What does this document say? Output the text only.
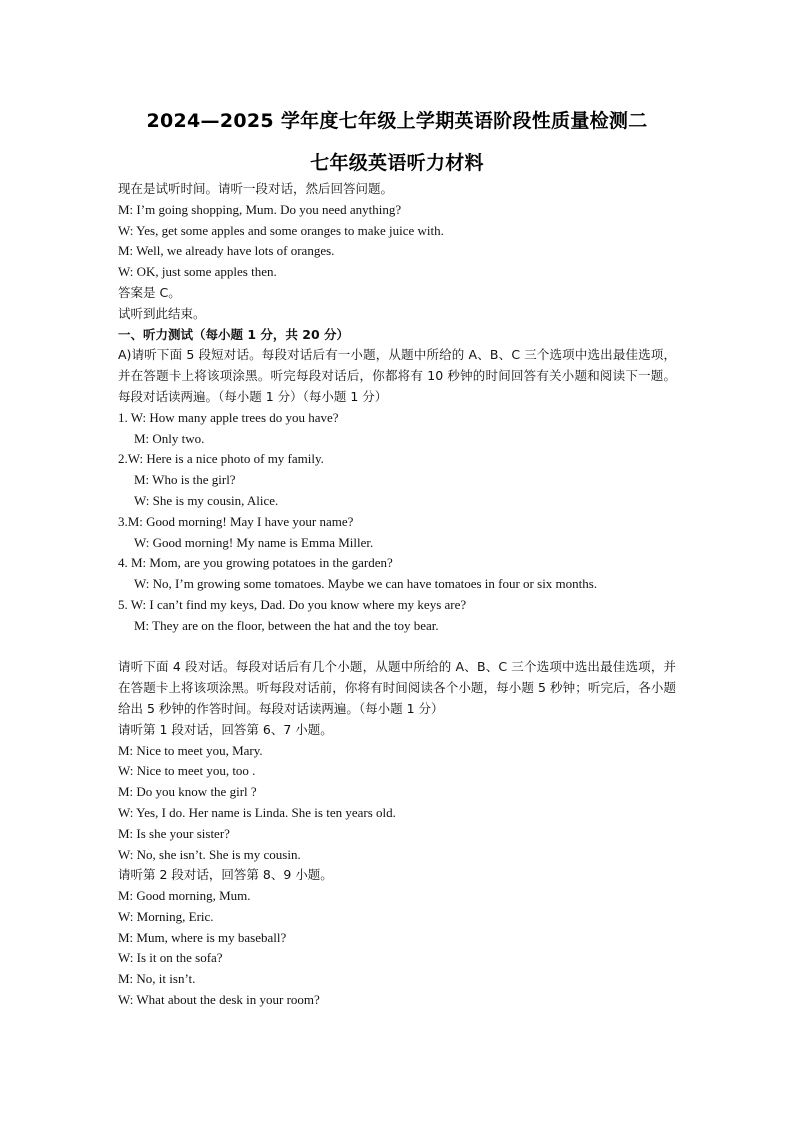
2024—2025 学年度七年级上学期英语阶段性质量检测二
七年级英语听力材料
现在是试听时间。请听一段对话，然后回答问题。
M: I’m going shopping, Mum. Do you need anything?
W: Yes, get some apples and some oranges to make juice with.
M: Well, we already have lots of oranges.
W: OK, just some apples then.
答案是 C。
试听到此结束。
一、听力测试（每小题 1 分，共 20 分）
A)请听下面 5 段短对话。每段对话后有一小题，从题中所给的 A、B、C 三个选项中选出最佳选项，并在答题卡上将该项涂黑。听完每段对话后，你都将有 10 秒钟的时间回答有关小题和阅读下一题。每段对话读两遍。（每小题 1 分）（每小题 1 分）
1. W: How many apple trees do you have?
M: Only two.
2.W: Here is a nice photo of my family.
M: Who is the girl?
W: She is my cousin, Alice.
3.M: Good morning! May I have your name?
W: Good morning! My name is Emma Miller.
4. M: Mom, are you growing potatoes in the garden?
W: No, I’m growing some tomatoes. Maybe we can have tomatoes in four or six months.
5. W: I can’t find my keys, Dad. Do you know where my keys are?
M: They are on the floor, between the hat and the toy bear.
请听下面 4 段对话。每段对话后有几个小题，从题中所给的 A、B、C 三个选项中选出最佳选项，并在答题卡上将该项涂黑。听每段对话前，你将有时间阅读各个小题，每小题 5 秒钟；听完后，各小题给出 5 秒钟的作答时间。每段对话读两遍。（每小题 1 分）
请听第 1 段对话，回答第 6、7 小题。
M: Nice to meet you, Mary.
W: Nice to meet you, too .
M: Do you know the girl ?
W: Yes, I do. Her name is Linda. She is ten years old.
M: Is she your sister?
W: No, she isn’t. She is my cousin.
请听第 2 段对话，回答第 8、9 小题。
M: Good morning, Mum.
W: Morning, Eric.
M: Mum, where is my baseball?
W: Is it on the sofa?
M: No, it isn’t.
W: What about the desk in your room?
